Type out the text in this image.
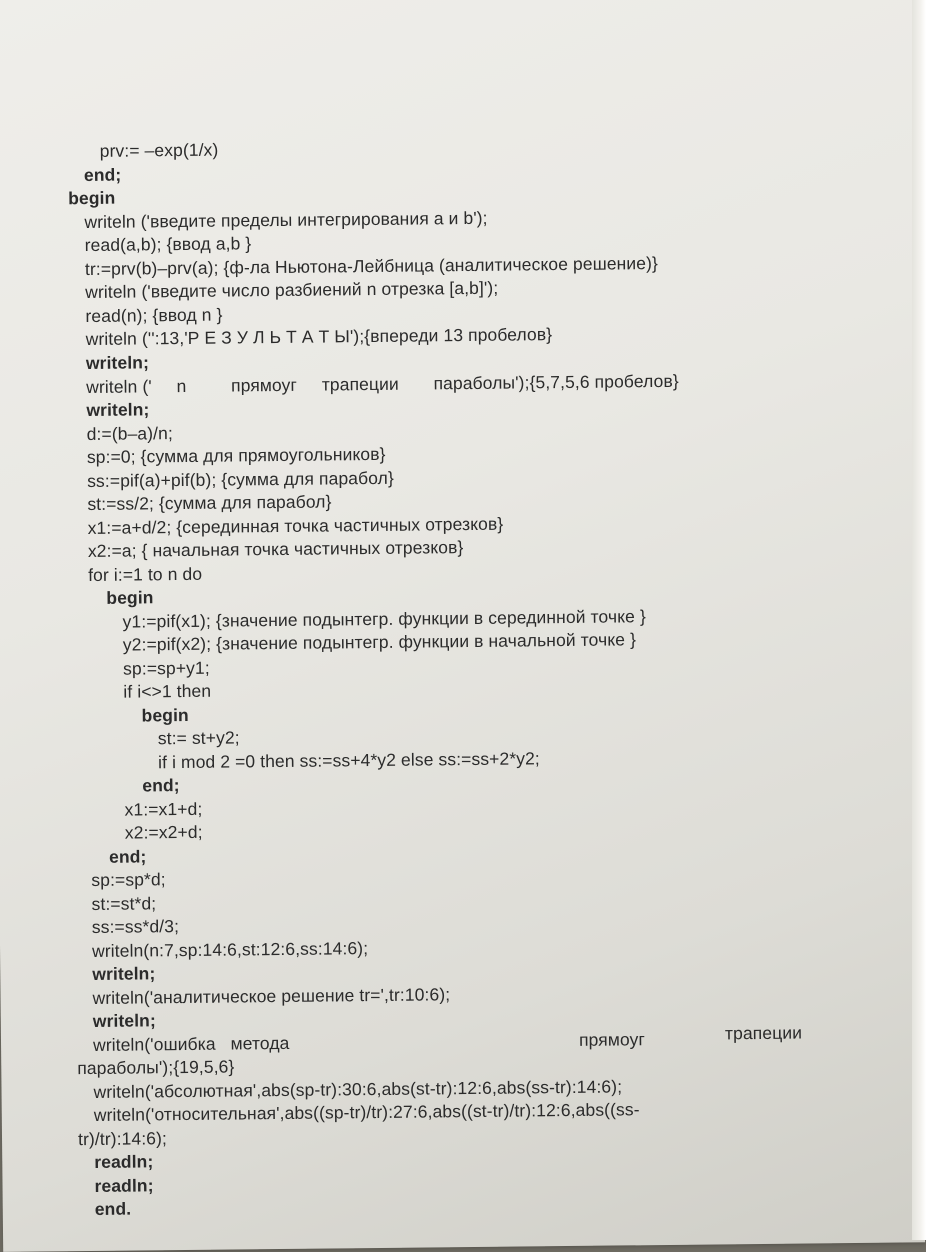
prv:= –exp(1/x)
end;
begin
writeln ('введите пределы интегрирования a и b');
read(a,b); {ввод a,b }
tr:=prv(b)–prv(a); {ф-ла Ньютона-Лейбница (аналитическое решение)}
writeln ('введите число разбиений n отрезка [a,b]');
read(n); {ввод n }
writeln ('':13,'Р Е З У Л Ь Т А Т Ы');{впереди 13 пробелов}
writeln;
writeln ('     n         прямоуг     трапеции       параболы');{5,7,5,6 пробелов}
writeln;
d:=(b–a)/n;
sp:=0; {сумма для прямоугольников}
ss:=pif(a)+pif(b); {сумма для парабол}
st:=ss/2; {сумма для парабол}
x1:=a+d/2; {серединная точка частичных отрезков}
x2:=a; { начальная точка частичных отрезков}
for i:=1 to n do
begin
y1:=pif(x1); {значение подынтегр. функции в серединной точке }
y2:=pif(x2); {значение подынтегр. функции в начальной точке }
sp:=sp+y1;
if i<>1 then
begin
st:= st+y2;
if i mod 2 =0 then ss:=ss+4*y2 else ss:=ss+2*y2;
end;
x1:=x1+d;
x2:=x2+d;
end;
sp:=sp*d;
st:=st*d;
ss:=ss*d/3;
writeln(n:7,sp:14:6,st:12:6,ss:14:6);
writeln;
writeln('аналитическое решение tr=',tr:10:6);
writeln;
writeln('ошибка   метода	прямоуг	трапеции
параболы');{19,5,6}
writeln('абсолютная',abs(sp-tr):30:6,abs(st-tr):12:6,abs(ss-tr):14:6);
writeln('относительная',abs((sp-tr)/tr):27:6,abs((st-tr)/tr):12:6,abs((ss-
tr)/tr):14:6);
readln;
readln;
end.
